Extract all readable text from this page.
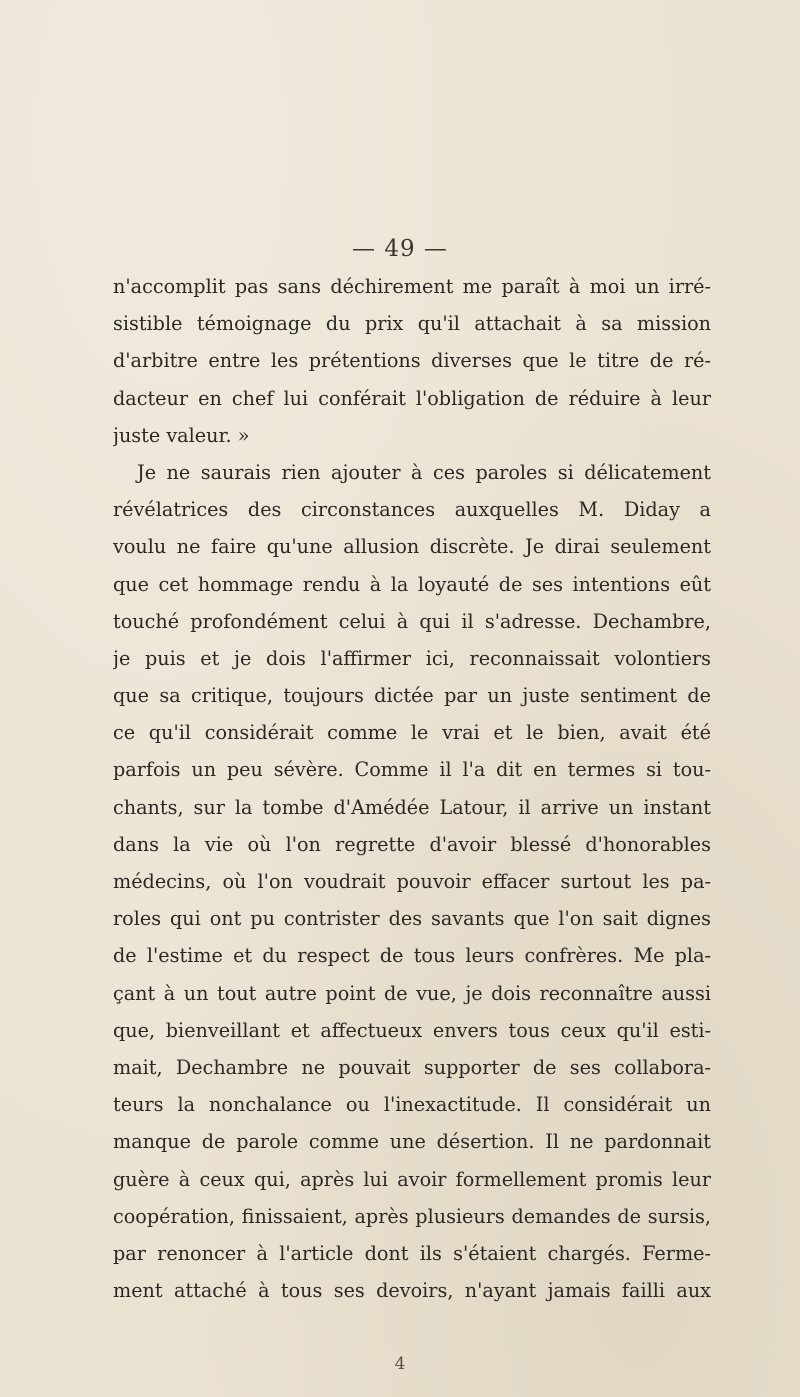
— 49 —
n'accomplit pas sans déchirement me paraît à moi un irré-
sistible témoignage du prix qu'il attachait à sa mission
d'arbitre entre les prétentions diverses que le titre de ré-
dacteur en chef lui conférait l'obligation de réduire à leur
juste valeur. »
Je ne saurais rien ajouter à ces paroles si délicatement
révélatrices des circonstances auxquelles M. Diday a
voulu ne faire qu'une allusion discrète. Je dirai seulement
que cet hommage rendu à la loyauté de ses intentions eût
touché profondément celui à qui il s'adresse. Dechambre,
je puis et je dois l'affirmer ici, reconnaissait volontiers
que sa critique, toujours dictée par un juste sentiment de
ce qu'il considérait comme le vrai et le bien, avait été
parfois un peu sévère. Comme il l'a dit en termes si tou-
chants, sur la tombe d'Amédée Latour, il arrive un instant
dans la vie où l'on regrette d'avoir blessé d'honorables
médecins, où l'on voudrait pouvoir effacer surtout les pa-
roles qui ont pu contrister des savants que l'on sait dignes
de l'estime et du respect de tous leurs confrères. Me pla-
çant à un tout autre point de vue, je dois reconnaître aussi
que, bienveillant et affectueux envers tous ceux qu'il esti-
mait, Dechambre ne pouvait supporter de ses collabora-
teurs la nonchalance ou l'inexactitude. Il considérait un
manque de parole comme une désertion. Il ne pardonnait
guère à ceux qui, après lui avoir formellement promis leur
coopération, finissaient, après plusieurs demandes de sursis,
par renoncer à l'article dont ils s'étaient chargés. Ferme-
ment attaché à tous ses devoirs, n'ayant jamais failli aux
4
